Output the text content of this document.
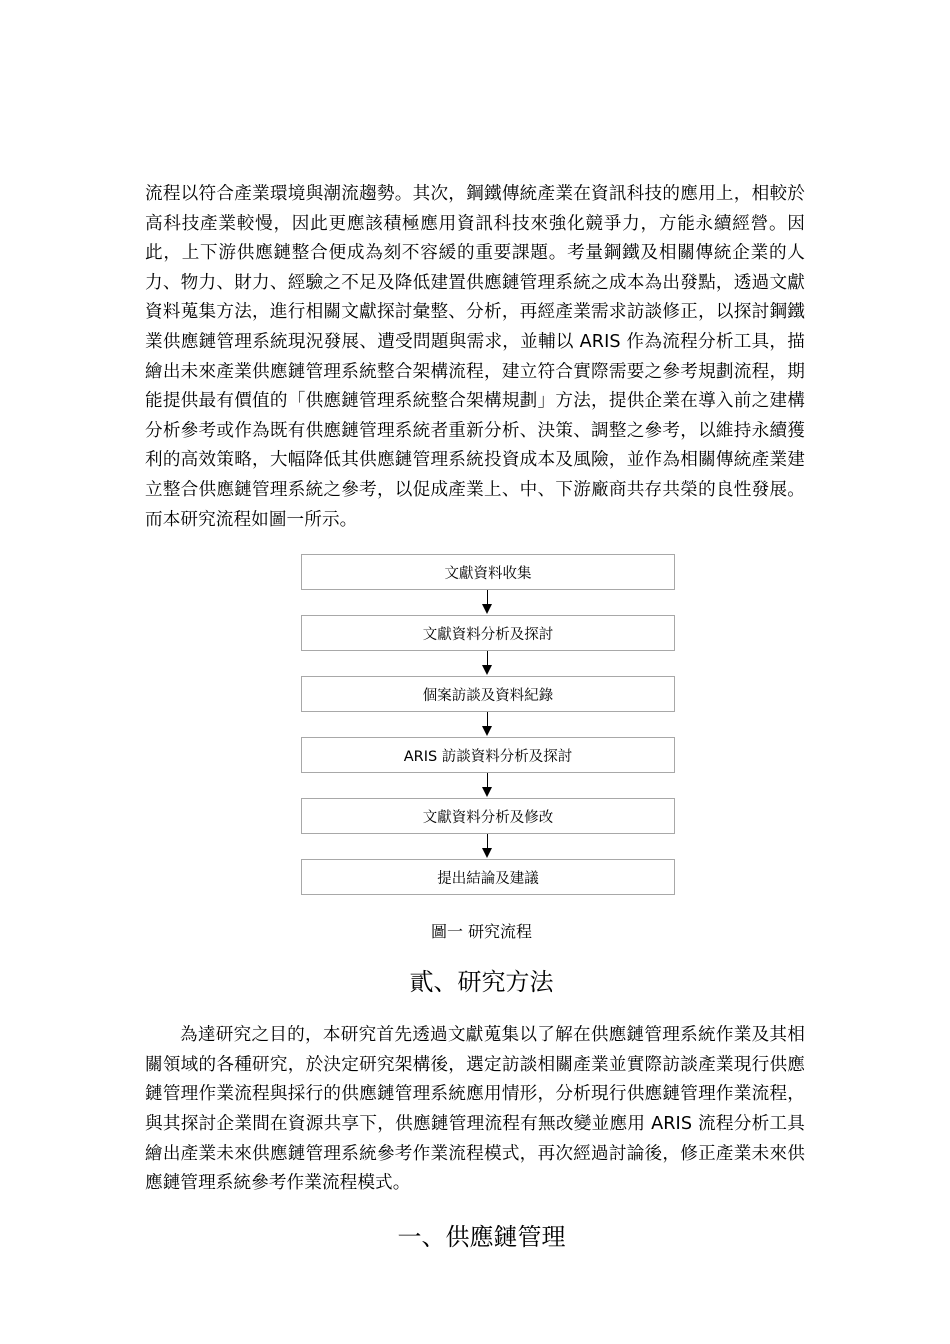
流程以符合產業環境與潮流趨勢。其次，鋼鐵傳統產業在資訊科技的應用上，相較於高科技產業較慢，因此更應該積極應用資訊科技來強化競爭力，方能永續經營。因此，上下游供應鏈整合便成為刻不容緩的重要課題。考量鋼鐵及相關傳統企業的人力、物力、財力、經驗之不足及降低建置供應鏈管理系統之成本為出發點，透過文獻資料蒐集方法，進行相關文獻探討彙整、分析，再經產業需求訪談修正，以探討鋼鐵業供應鏈管理系統現況發展、遭受問題與需求，並輔以 ARIS 作為流程分析工具，描繪出未來產業供應鏈管理系統整合架構流程，建立符合實際需要之參考規劃流程，期能提供最有價值的「供應鏈管理系統整合架構規劃」方法，提供企業在導入前之建構分析參考或作為既有供應鏈管理系統者重新分析、決策、調整之參考，以維持永續獲利的高效策略，大幅降低其供應鏈管理系統投資成本及風險，並作為相關傳統產業建立整合供應鏈管理系統之參考，以促成產業上、中、下游廠商共存共榮的良性發展。而本研究流程如圖一所示。

文獻資料收集
文獻資料分析及探討
個案訪談及資料紀錄
ARIS 訪談資料分析及探討
文獻資料分析及修改
提出結論及建議

圖一 研究流程

貳、研究方法

為達研究之目的，本研究首先透過文獻蒐集以了解在供應鏈管理系統作業及其相關領域的各種研究，於決定研究架構後，選定訪談相關產業並實際訪談產業現行供應鏈管理作業流程與採行的供應鏈管理系統應用情形，分析現行供應鏈管理作業流程，與其探討企業間在資源共享下，供應鏈管理流程有無改變並應用 ARIS 流程分析工具繪出產業未來供應鏈管理系統參考作業流程模式，再次經過討論後，修正產業未來供應鏈管理系統參考作業流程模式。

一、供應鏈管理
